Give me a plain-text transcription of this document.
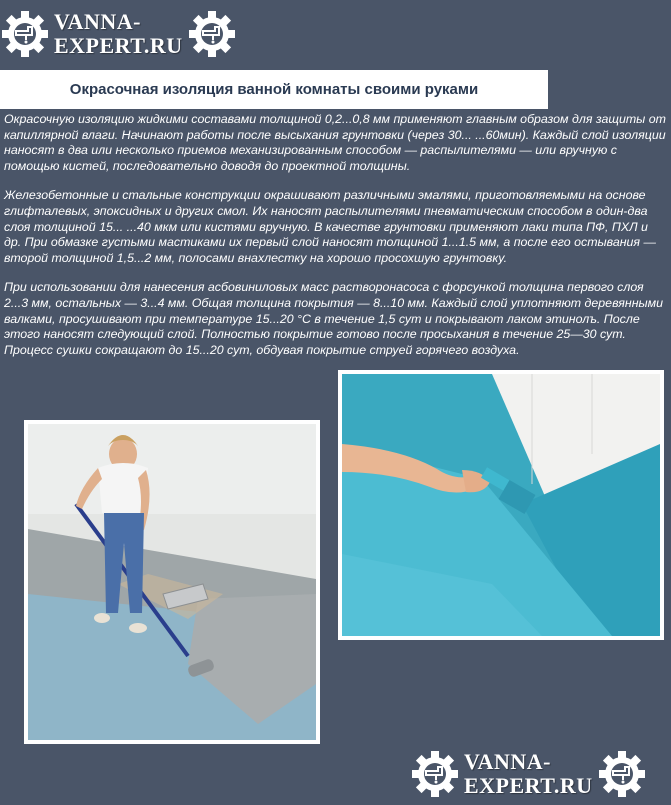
VANNA-
EXPERT.RU
Окрасочная изоляция ванной комнаты своими руками

Окрасочную изоляцию жидкими составами толщиной 0,2...0,8 мм применяют главным образом для защиты от капиллярной влаги. Начинают работы после высыхания грунтовки (через 30... ...60мин). Каждый слой изоляции наносят в два или несколько приемов механизированным способом — распылителями — или вручную с помощью кистей, последовательно доводя до проектной толщины.

Железобетонные и стальные конструкции окрашивают различными эмалями, приготовляемыми на основе глифталевых, эпоксидных и других смол. Их наносят распылителями пневматическим способом в один-два слоя толщиной 15... ...40 мкм или кистями вручную. В качестве грунтовки применяют лаки типа ПФ, ПХЛ и др. При обмазке густыми мастиками их первый слой наносят толщиной 1...1.5 мм, а после его остывания — второй толщиной 1,5...2 мм, полосами внахлестку на хорошо просохшую грунтовку.

При использовании для нанесения асбовиниловых масс растворонасоса с форсункой толщина первого слоя 2...3 мм, остальных — 3...4 мм. Общая толщина покрытия — 8...10 мм. Каждый слой уплотняют деревянными валками, просушивают при температуре 15...20 °С в течение 1,5 сут и покрывают лаком этинолъ. После этого наносят следующий слой. Полностью покрытие готово после просыхания в течение 25—30 сут. Процесс сушки сокращают до 15...20 сут, обдувая покрытие струей горячего воздуха.

VANNA-
EXPERT.RU
